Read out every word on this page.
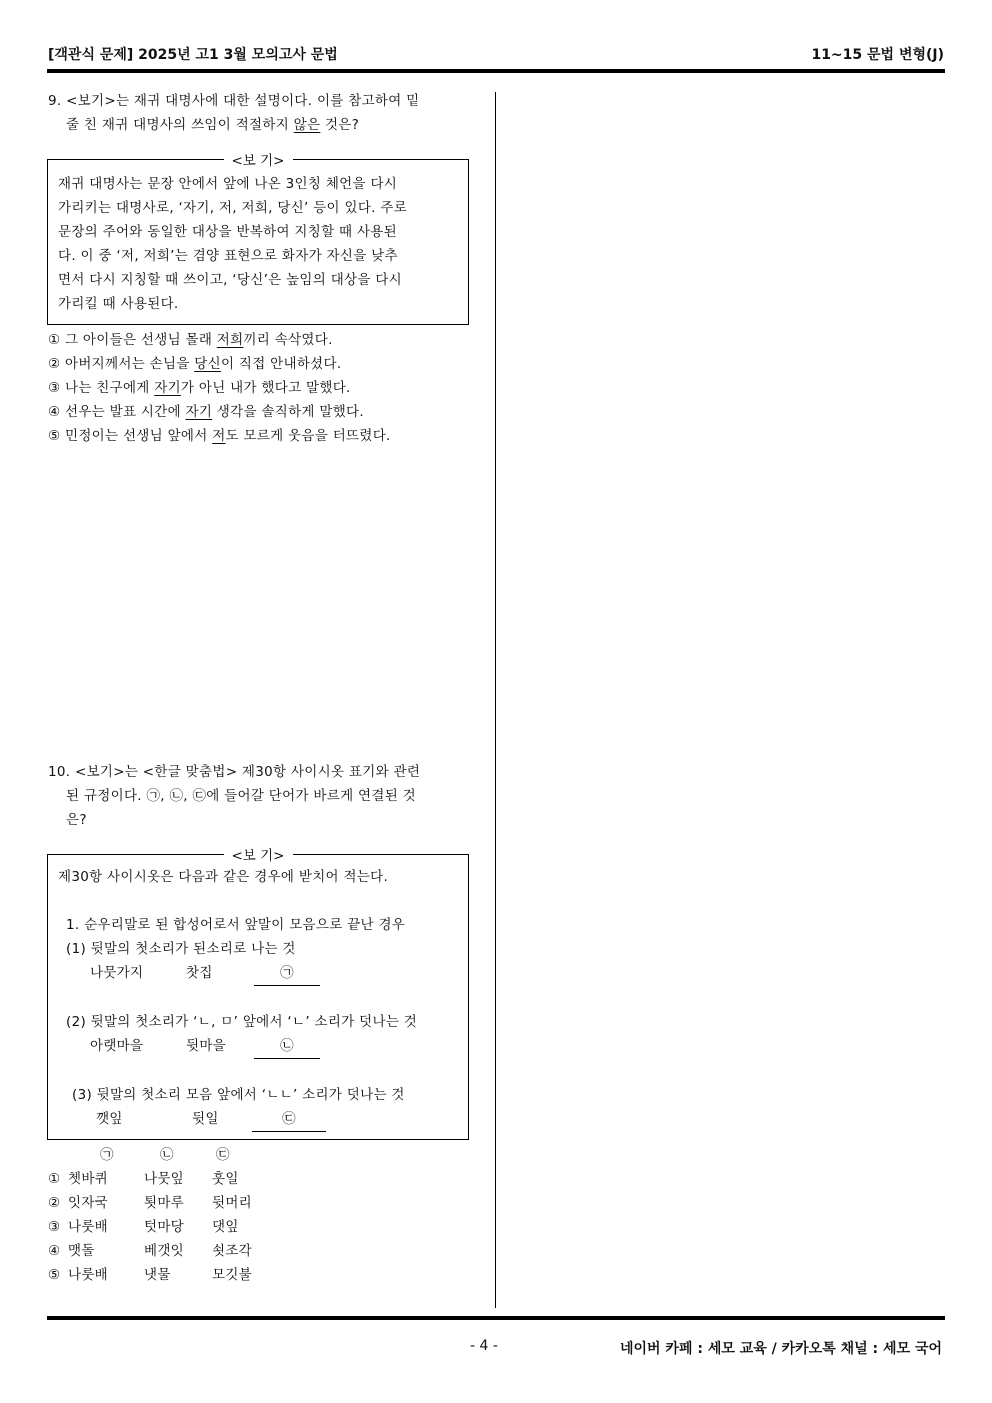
[객관식 문제] 2025년 고1 3월 모의고사 문법	11~15 문법 변형(J)
9. <보기>는 재귀 대명사에 대한 설명이다. 이를 참고하여 밑
줄 친 재귀 대명사의 쓰임이 적절하지 않은 것은?
<보 기>
재귀 대명사는 문장 안에서 앞에 나온 3인칭 체언을 다시
가리키는 대명사로, ‘자기, 저, 저희, 당신’ 등이 있다. 주로
문장의 주어와 동일한 대상을 반복하여 지칭할 때 사용된
다. 이 중 ‘저, 저희’는 겸양 표현으로 화자가 자신을 낮추
면서 다시 지칭할 때 쓰이고, ‘당신’은 높임의 대상을 다시
가리킬 때 사용된다.
① 그 아이들은 선생님 몰래 저희끼리 속삭였다.
② 아버지께서는 손님을 당신이 직접 안내하셨다.
③ 나는 친구에게 자기가 아닌 내가 했다고 말했다.
④ 선우는 발표 시간에 자기 생각을 솔직하게 말했다.
⑤ 민정이는 선생님 앞에서 저도 모르게 웃음을 터뜨렸다.
10. <보기>는 <한글 맞춤법> 제30항 사이시옷 표기와 관련
된 규정이다. ㉠, ㉡, ㉢에 들어갈 단어가 바르게 연결된 것
은?
<보 기>
제30항 사이시옷은 다음과 같은 경우에 받치어 적는다.
1. 순우리말로 된 합성어로서 앞말이 모음으로 끝난 경우
(1) 뒷말의 첫소리가 된소리로 나는 것
나뭇가지	찻집	㉠
(2) 뒷말의 첫소리가 ‘ㄴ, ㅁ’ 앞에서 ‘ㄴ’ 소리가 덧나는 것
아랫마을	뒷마을	㉡
(3) 뒷말의 첫소리 모음 앞에서 ‘ㄴㄴ’ 소리가 덧나는 것
깻잎	뒷일	㉢
㉠	㉡	㉢
① 쳇바퀴	나뭇잎 훗일
② 잇자국	툇마루 뒷머리
③ 나룻배	텃마당 댓잎
④ 맷돌	베갯잇 쇳조각
⑤ 나룻배	냇물	모깃불
- 4 -	네이버 카페 : 세모 교육 / 카카오톡 채널 : 세모 국어
